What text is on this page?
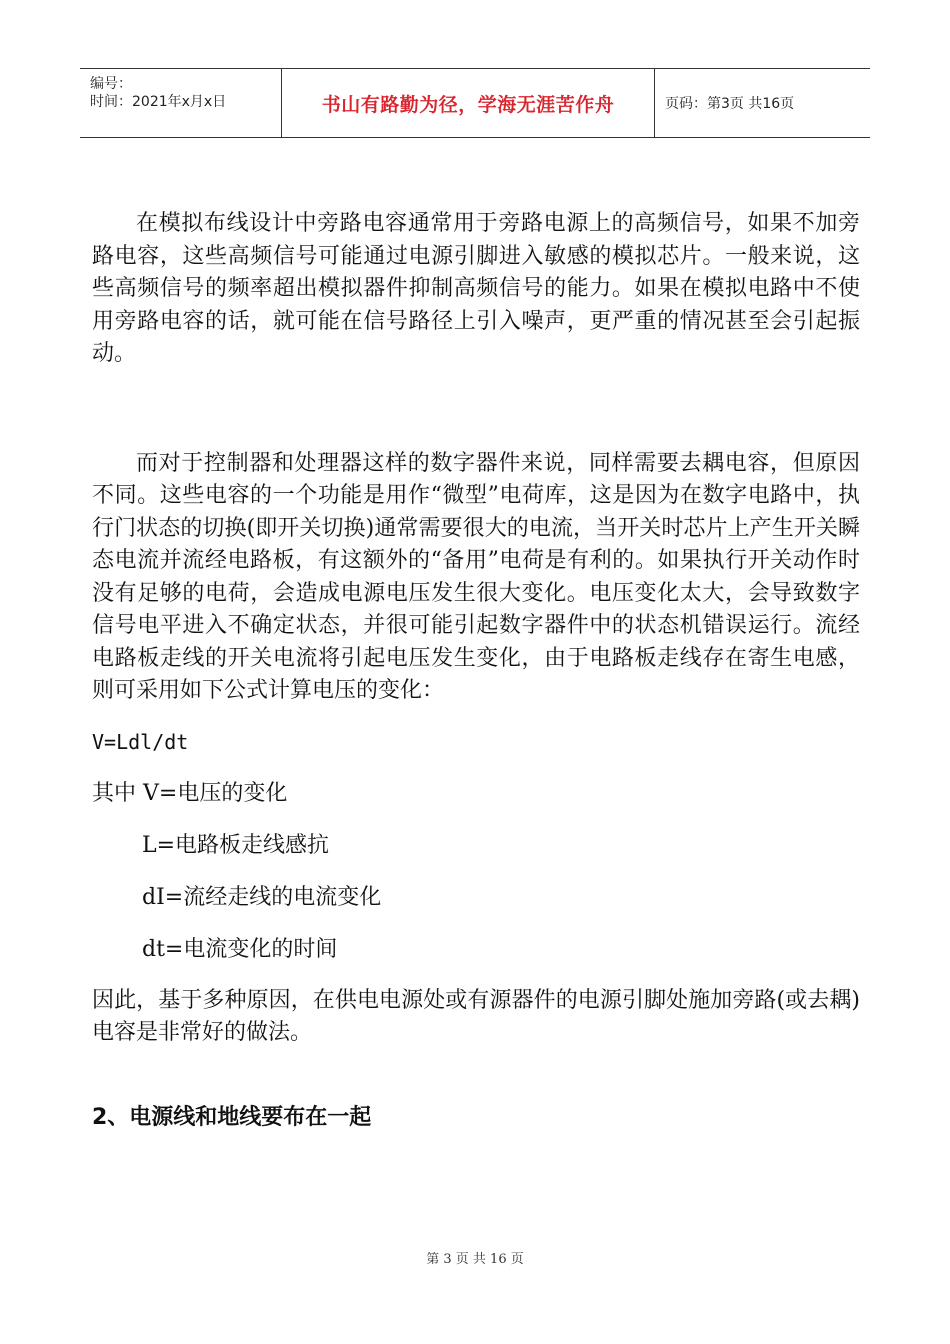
编号：
时间：2021年x月x日	书山有路勤为径，学海无涯苦作舟	页码：第3页 共16页

在模拟布线设计中旁路电容通常用于旁路电源上的高频信号，如果不加旁路电容，这些高频信号可能通过电源引脚进入敏感的模拟芯片。一般来说，这些高频信号的频率超出模拟器件抑制高频信号的能力。如果在模拟电路中不使用旁路电容的话，就可能在信号路径上引入噪声，更严重的情况甚至会引起振动。

而对于控制器和处理器这样的数字器件来说，同样需要去耦电容，但原因不同。这些电容的一个功能是用作“微型”电荷库，这是因为在数字电路中，执行门状态的切换(即开关切换)通常需要很大的电流，当开关时芯片上产生开关瞬态电流并流经电路板，有这额外的“备用”电荷是有利的。如果执行开关动作时没有足够的电荷，会造成电源电压发生很大变化。电压变化太大，会导致数字信号电平进入不确定状态，并很可能引起数字器件中的状态机错误运行。流经电路板走线的开关电流将引起电压发生变化，由于电路板走线存在寄生电感，则可采用如下公式计算电压的变化：

V=Ldl/dt

其中 V=电压的变化

L=电路板走线感抗

dI=流经走线的电流变化

dt=电流变化的时间

因此，基于多种原因，在供电电源处或有源器件的电源引脚处施加旁路(或去耦)电容是非常好的做法。

2、电源线和地线要布在一起
第 3 页 共 16 页
